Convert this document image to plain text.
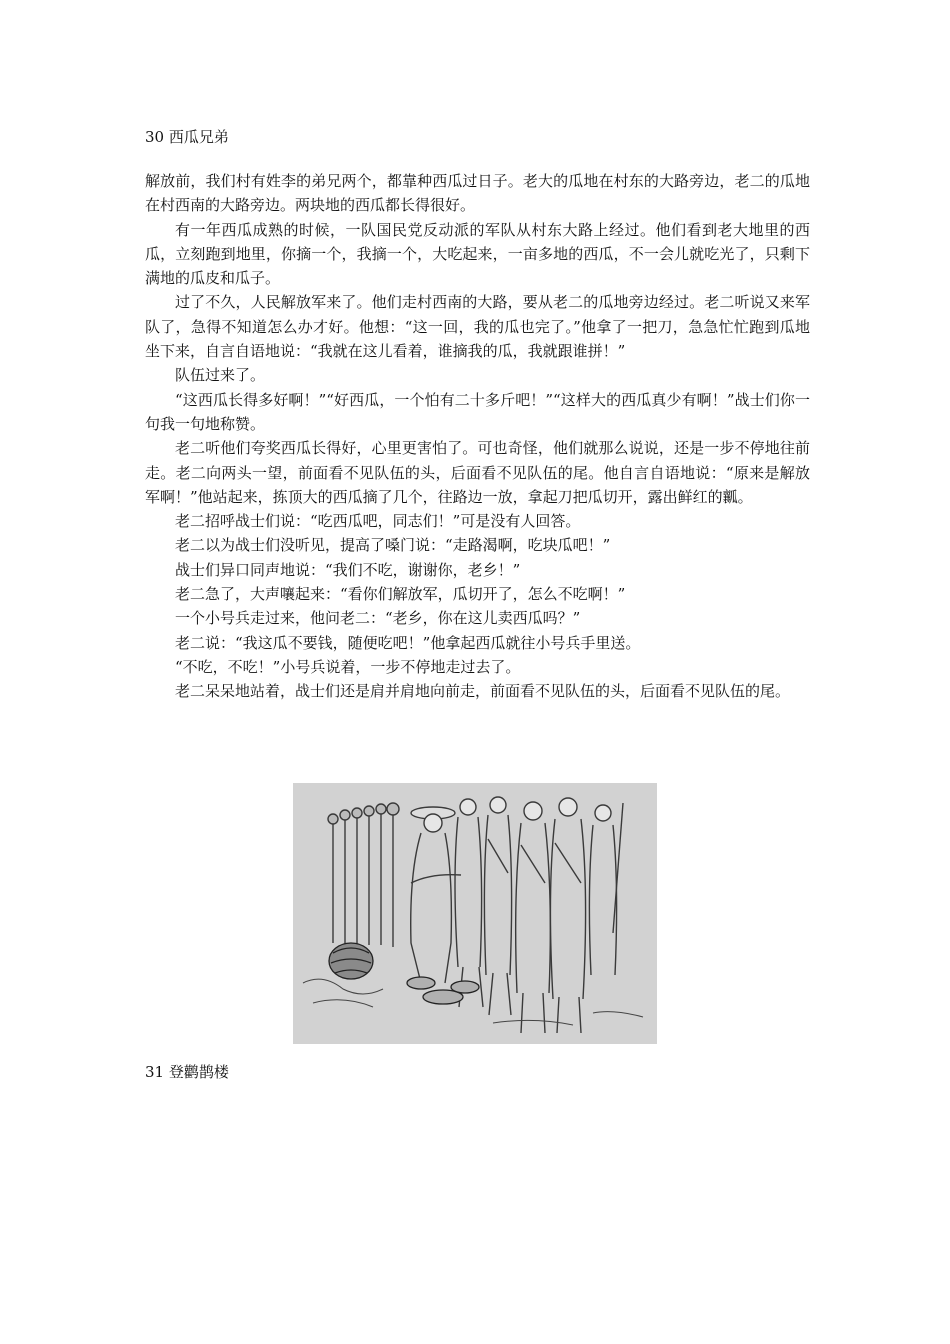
30 西瓜兄弟

解放前，我们村有姓李的弟兄两个，都靠种西瓜过日子。老大的瓜地在村东的大路旁边，老二的瓜地在村西南的大路旁边。两块地的西瓜都长得很好。

有一年西瓜成熟的时候，一队国民党反动派的军队从村东大路上经过。他们看到老大地里的西瓜，立刻跑到地里，你摘一个，我摘一个，大吃起来，一亩多地的西瓜，不一会儿就吃光了，只剩下满地的瓜皮和瓜子。

过了不久，人民解放军来了。他们走村西南的大路，要从老二的瓜地旁边经过。老二听说又来军队了，急得不知道怎么办才好。他想：“这一回，我的瓜也完了。”他拿了一把刀，急急忙忙跑到瓜地坐下来，自言自语地说：“我就在这儿看着，谁摘我的瓜，我就跟谁拼！”

队伍过来了。

“这西瓜长得多好啊！”“好西瓜，一个怕有二十多斤吧！”“这样大的西瓜真少有啊！”战士们你一句我一句地称赞。

老二听他们夸奖西瓜长得好，心里更害怕了。可也奇怪，他们就那么说说，还是一步不停地往前走。老二向两头一望，前面看不见队伍的头，后面看不见队伍的尾。他自言自语地说：“原来是解放军啊！”他站起来，拣顶大的西瓜摘了几个，往路边一放，拿起刀把瓜切开，露出鲜红的瓤。

老二招呼战士们说：“吃西瓜吧，同志们！”可是没有人回答。

老二以为战士们没听见，提高了嗓门说：“走路渴啊，吃块瓜吧！”

战士们异口同声地说：“我们不吃，谢谢你，老乡！”

老二急了，大声嚷起来：“看你们解放军，瓜切开了，怎么不吃啊！”

一个小号兵走过来，他问老二：“老乡，你在这儿卖西瓜吗？”

老二说：“我这瓜不要钱，随便吃吧！”他拿起西瓜就往小号兵手里送。

“不吃，不吃！”小号兵说着，一步不停地走过去了。

老二呆呆地站着，战士们还是肩并肩地向前走，前面看不见队伍的头，后面看不见队伍的尾。

31 登鹳鹊楼
